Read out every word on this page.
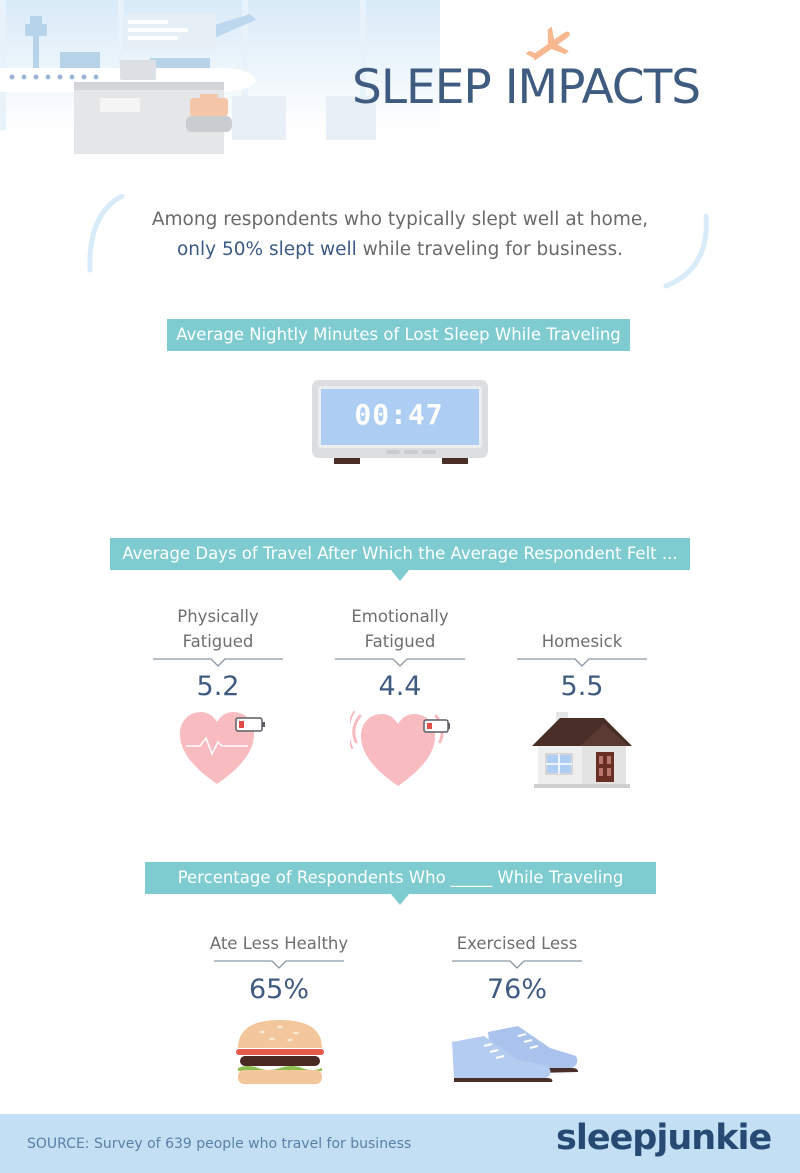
SLEEP IMPACTS
Among respondents who typically slept well at home,
only 50% slept well while traveling for business.
Average Nightly Minutes of Lost Sleep While Traveling
00:47
Average Days of Travel After Which the Average Respondent Felt ...
Physically Fatigued
5.2
Emotionally Fatigued
4.4
Homesick
5.5
Percentage of Respondents Who _____ While Traveling
Ate Less Healthy
65%
Exercised Less
76%
SOURCE: Survey of 639 people who travel for business	sleepjunkie
